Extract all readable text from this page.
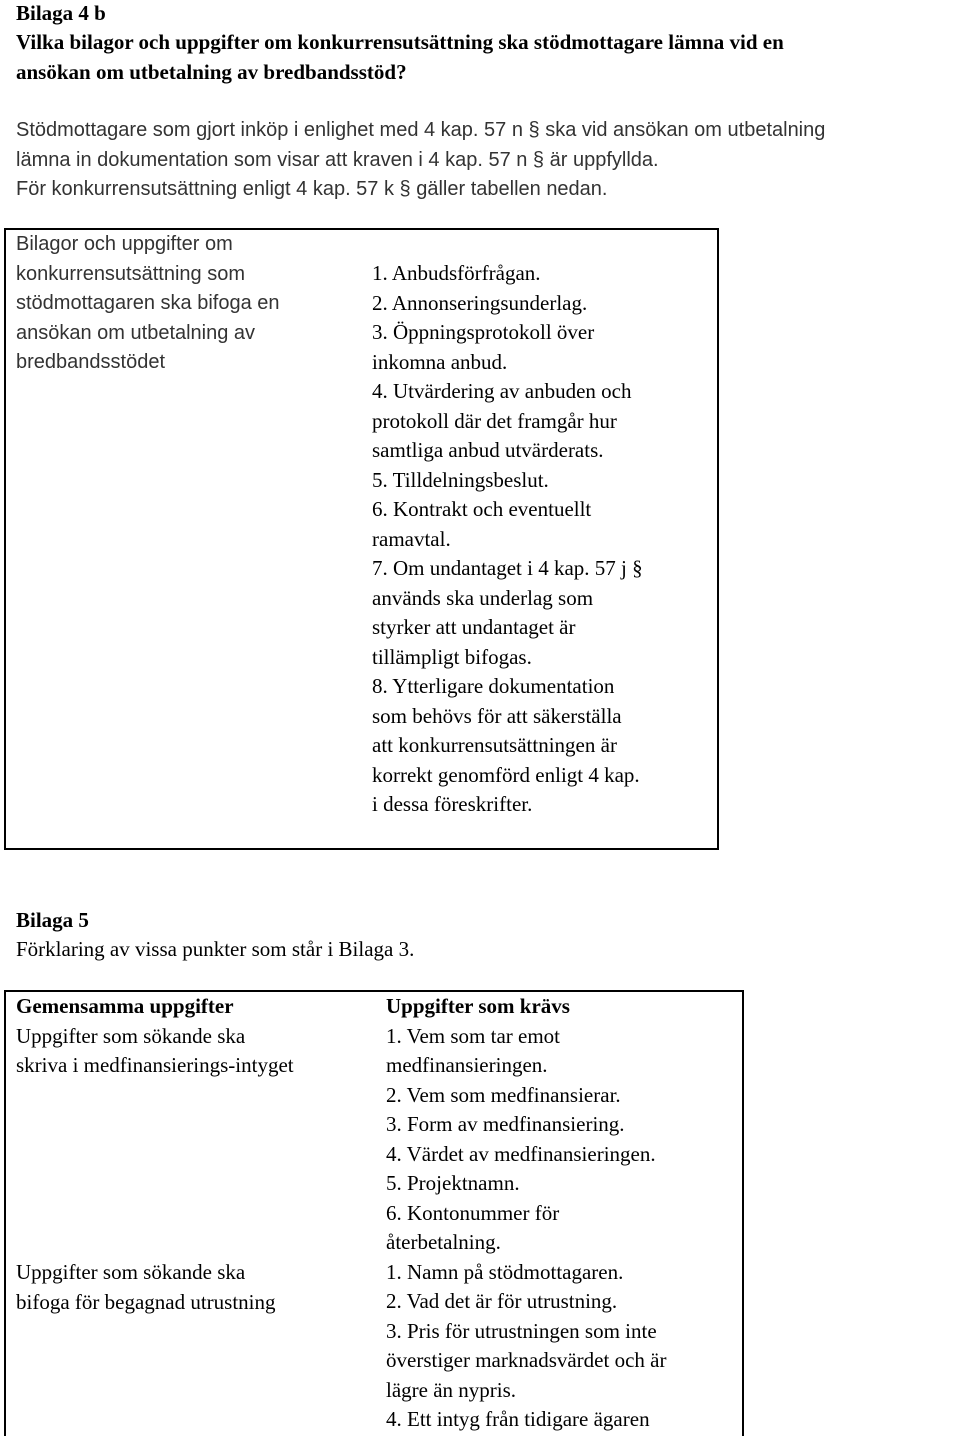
Bilaga 4 b
Vilka bilagor och uppgifter om konkurrensutsättning ska stödmottagare lämna vid en
ansökan om utbetalning av bredbandsstöd?
Stödmottagare som gjort inköp i enlighet med 4 kap. 57 n § ska vid ansökan om utbetalning
lämna in dokumentation som visar att kraven i 4 kap. 57 n § är uppfyllda.
För konkurrensutsättning enligt 4 kap. 57 k § gäller tabellen nedan.
Bilagor och uppgifter om
konkurrensutsättning som
stödmottagaren ska bifoga en
ansökan om utbetalning av
bredbandsstödet
1. Anbudsförfrågan.
2. Annonseringsunderlag.
3. Öppningsprotokoll över
inkomna anbud.
4. Utvärdering av anbuden och
protokoll där det framgår hur
samtliga anbud utvärderats.
5. Tilldelningsbeslut.
6. Kontrakt och eventuellt
ramavtal.
7. Om undantaget i 4 kap. 57 j §
används ska underlag som
styrker att undantaget är
tillämpligt bifogas.
8. Ytterligare dokumentation
som behövs för att säkerställa
att konkurrensutsättningen är
korrekt genomförd enligt 4 kap.
i dessa föreskrifter.
Bilaga 5
Förklaring av vissa punkter som står i Bilaga 3.
Gemensamma uppgifter
Uppgifter som sökande ska
skriva i medfinansierings-intyget
Uppgifter som sökande ska
bifoga för begagnad utrustning
Uppgifter som krävs
1. Vem som tar emot
medfinansieringen.
2. Vem som medfinansierar.
3. Form av medfinansiering.
4. Värdet av medfinansieringen.
5. Projektnamn.
6. Kontonummer för
återbetalning.
1. Namn på stödmottagaren.
2. Vad det är för utrustning.
3. Pris för utrustningen som inte
överstiger marknadsvärdet och är
lägre än nypris.
4. Ett intyg från tidigare ägaren
